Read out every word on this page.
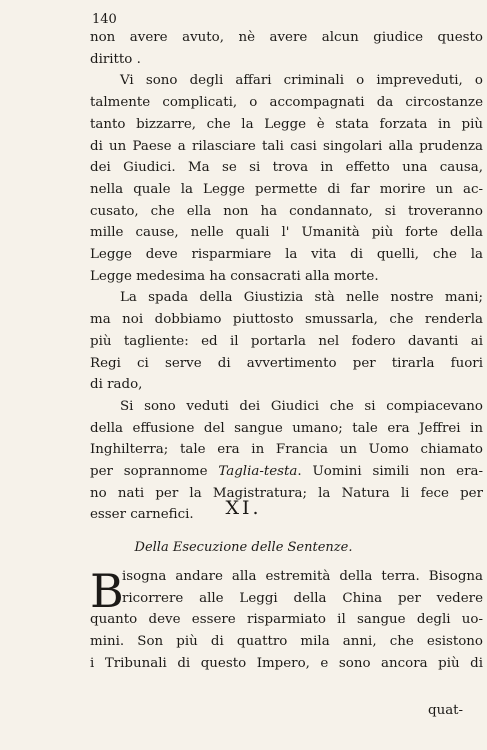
140
non avere avuto, nè avere alcun giudice questo
diritto .
Vi sono degli affari criminali o impreveduti, o
talmente complicati, o accompagnati da circostanze
tanto bizzarre, che la Legge è stata forzata in più
di un Paese a rilasciare tali casi singolari alla prudenza
dei Giudici. Ma se si trova in effetto una causa,
nella quale la Legge permette di far morire un ac-
cusato, che ella non ha condannato, si troveranno
mille cause, nelle quali l' Umanità più forte della
Legge deve risparmiare la vita di quelli, che la
Legge medesima ha consacrati alla morte.
La spada della Giustizia stà nelle nostre mani;
ma noi dobbiamo piuttosto smussarla, che renderla
più tagliente: ed il portarla nel fodero davanti ai
Regi ci serve di avvertimento per tirarla fuori
di rado,
Si sono veduti dei Giudici che si compiacevano
della effusione del sangue umano; tale era Jeffrei in
Inghilterra; tale era in Francia un Uomo chiamato
per soprannome Taglia-testa. Uomini simili non era-
no nati per la Magistratura; la Natura li fece per
esser carnefici.	XI.
Della Esecuzione delle Sentenze.
B
isogna andare alla estremità della terra. Bisogna
ricorrere alle Leggi della China per vedere
quanto deve essere risparmiato il sangue degli uo-
mini. Son più di quattro mila anni, che esistono
i Tribunali di questo Impero, e sono ancora più di
quat-
